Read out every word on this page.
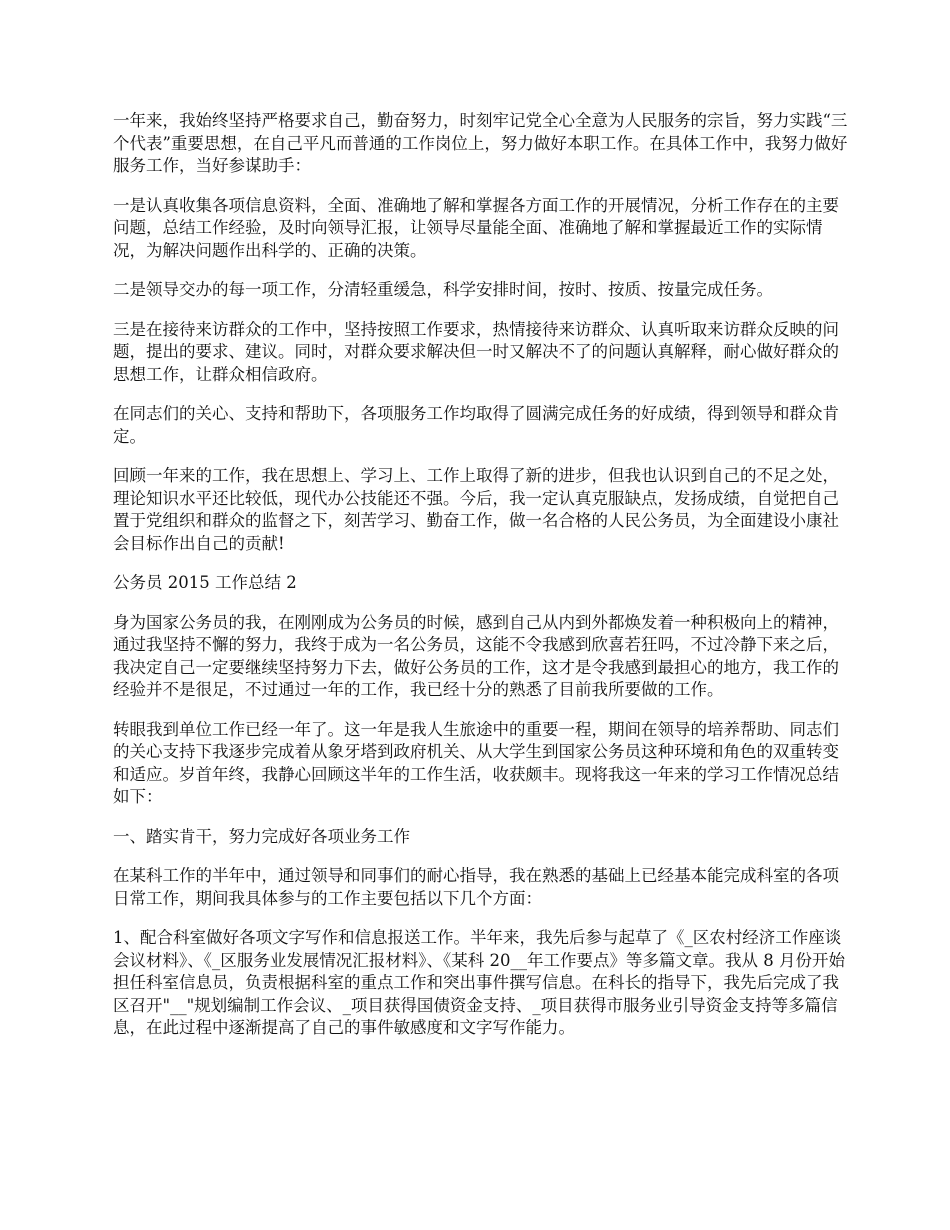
一年来，我始终坚持严格要求自己，勤奋努力，时刻牢记党全心全意为人民服务的宗旨，努力实践“三个代表”重要思想，在自己平凡而普通的工作岗位上，努力做好本职工作。在具体工作中，我努力做好服务工作，当好参谋助手：

一是认真收集各项信息资料，全面、准确地了解和掌握各方面工作的开展情况，分析工作存在的主要问题，总结工作经验，及时向领导汇报，让领导尽量能全面、准确地了解和掌握最近工作的实际情况，为解决问题作出科学的、正确的决策。

二是领导交办的每一项工作，分清轻重缓急，科学安排时间，按时、按质、按量完成任务。

三是在接待来访群众的工作中，坚持按照工作要求，热情接待来访群众、认真听取来访群众反映的问题，提出的要求、建议。同时，对群众要求解决但一时又解决不了的问题认真解释，耐心做好群众的思想工作，让群众相信政府。

在同志们的关心、支持和帮助下，各项服务工作均取得了圆满完成任务的好成绩，得到领导和群众肯定。

回顾一年来的工作，我在思想上、学习上、工作上取得了新的进步，但我也认识到自己的不足之处，理论知识水平还比较低，现代办公技能还不强。今后，我一定认真克服缺点，发扬成绩，自觉把自己置于党组织和群众的监督之下，刻苦学习、勤奋工作，做一名合格的人民公务员，为全面建设小康社会目标作出自己的贡献!

公务员 2015 工作总结 2

身为国家公务员的我，在刚刚成为公务员的时候，感到自己从内到外都焕发着一种积极向上的精神，通过我坚持不懈的努力，我终于成为一名公务员，这能不令我感到欣喜若狂吗，不过冷静下来之后，我决定自己一定要继续坚持努力下去，做好公务员的工作，这才是令我感到最担心的地方，我工作的经验并不是很足，不过通过一年的工作，我已经十分的熟悉了目前我所要做的工作。

转眼我到单位工作已经一年了。这一年是我人生旅途中的重要一程，期间在领导的培养帮助、同志们的关心支持下我逐步完成着从象牙塔到政府机关、从大学生到国家公务员这种环境和角色的双重转变和适应。岁首年终，我静心回顾这半年的工作生活，收获颇丰。现将我这一年来的学习工作情况总结如下：

一、踏实肯干，努力完成好各项业务工作

在某科工作的半年中，通过领导和同事们的耐心指导，我在熟悉的基础上已经基本能完成科室的各项日常工作，期间我具体参与的工作主要包括以下几个方面：

1、配合科室做好各项文字写作和信息报送工作。半年来，我先后参与起草了《_区农村经济工作座谈会议材料》、《_区服务业发展情况汇报材料》、《某科 20__年工作要点》等多篇文章。我从 8 月份开始担任科室信息员，负责根据科室的重点工作和突出事件撰写信息。在科长的指导下，我先后完成了我区召开"__"规划编制工作会议、_项目获得国债资金支持、_项目获得市服务业引导资金支持等多篇信息，在此过程中逐渐提高了自己的事件敏感度和文字写作能力。
